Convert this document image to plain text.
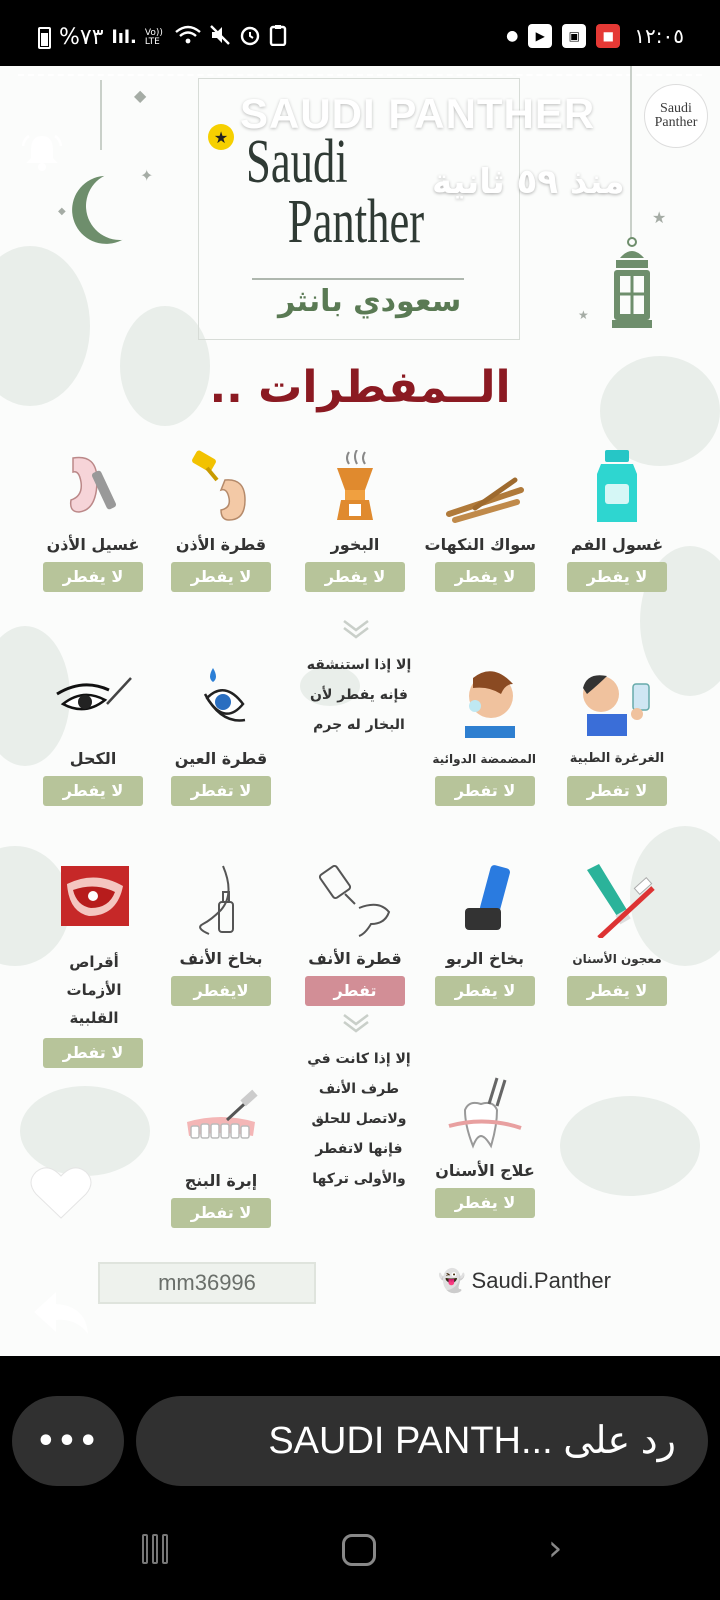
%٧٣ lıl. Vo)) LTE	●	▶	▣	■	١٢:٠٥
◆
✦
◆	★
★
★ Saudi
Panther
سعودي بانثر
SAUDI PANTHER
منذ ٥٩ ثانية
Saudi
Panther
الــمفطرات ..
غسول الفم
لا يفطر
سواك النكهات
لا يفطر
البخور
لا يفطر
قطرة الأذن
لا يفطر
غسيل الأذن
لا يفطر
الغرغرة الطبية
لا تفطر
المضمضة الدوائية
لا تفطر
قطرة العين
لا تفطر
الكحل
لا يفطر
إلا إذا استنشقه فإنه يفطر لأن البخار له جرم
معجون الأسنان
لا يفطر
بخاخ الربو
لا يفطر
قطرة الأنف
تفطر
بخاخ الأنف
لايفطر
أقراص الأزمات القلبية
لا تفطر	إلا إذا كانت في طرف الأنف ولاتصل للحلق فإنها لاتفطر والأولى تركها	علاج الأسنان
لا يفطر
إبرة البنج
لا تفطر
mm36996	👻 Saudi.Panther
•••	رد على ...SAUDI PANTH
›
